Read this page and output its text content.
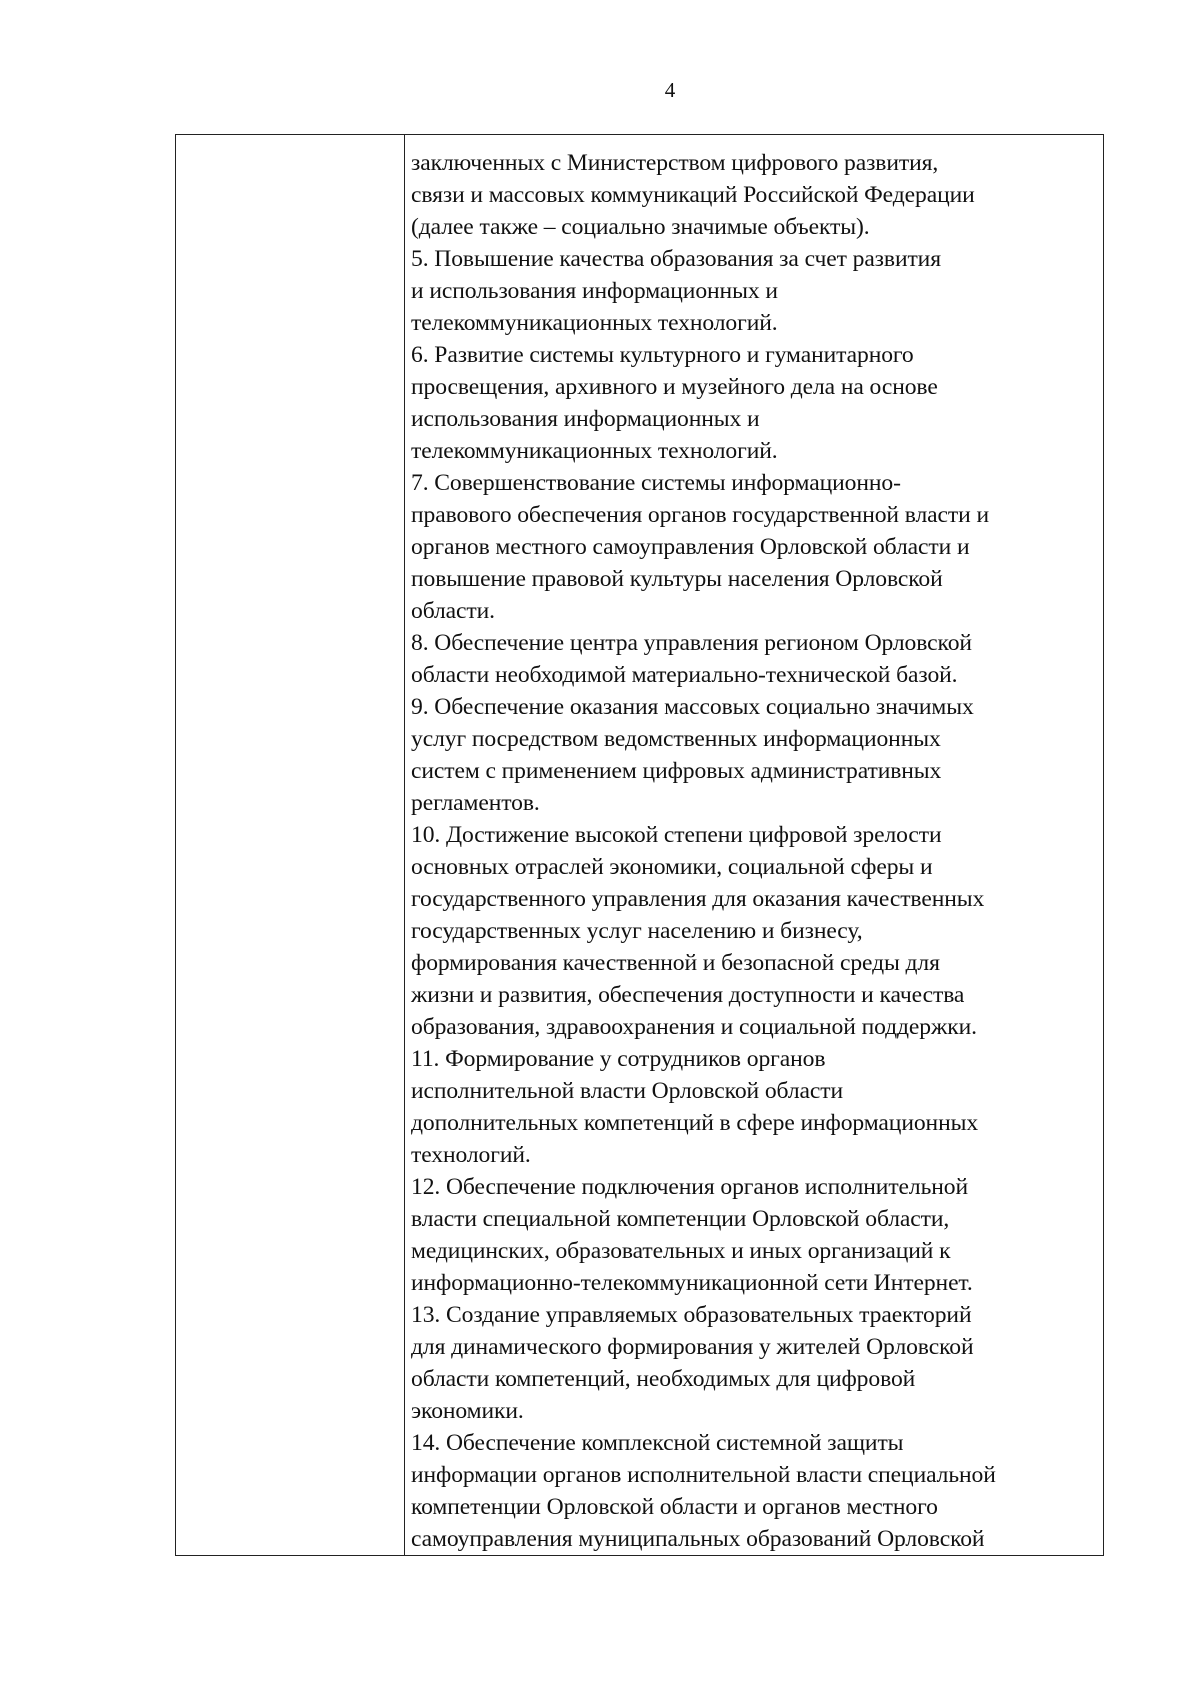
4
заключенных с Министерством цифрового развития,
связи и массовых коммуникаций Российской Федерации
(далее также – социально значимые объекты).
5. Повышение качества образования за счет развития
и использования информационных и
телекоммуникационных технологий.
6. Развитие системы культурного и гуманитарного
просвещения, архивного и музейного дела на основе
использования информационных и
телекоммуникационных технологий.
7. Совершенствование системы информационно-
правового обеспечения органов государственной власти и
органов местного самоуправления Орловской области и
повышение правовой культуры населения Орловской
области.
8. Обеспечение центра управления регионом Орловской
области необходимой материально-технической базой.
9. Обеспечение оказания массовых социально значимых
услуг посредством ведомственных информационных
систем с применением цифровых административных
регламентов.
10. Достижение высокой степени цифровой зрелости
основных отраслей экономики, социальной сферы и
государственного управления для оказания качественных
государственных услуг населению и бизнесу,
формирования качественной и безопасной среды для
жизни и развития, обеспечения доступности и качества
образования, здравоохранения и социальной поддержки.
11. Формирование у сотрудников органов
исполнительной власти Орловской области
дополнительных компетенций в сфере информационных
технологий.
12. Обеспечение подключения органов исполнительной
власти специальной компетенции Орловской области,
медицинских, образовательных и иных организаций к
информационно-телекоммуникационной сети Интернет.
13. Создание управляемых образовательных траекторий
для динамического формирования у жителей Орловской
области компетенций, необходимых для цифровой
экономики.
14. Обеспечение комплексной системной защиты
информации органов исполнительной власти специальной
компетенции Орловской области и органов местного
самоуправления муниципальных образований Орловской
